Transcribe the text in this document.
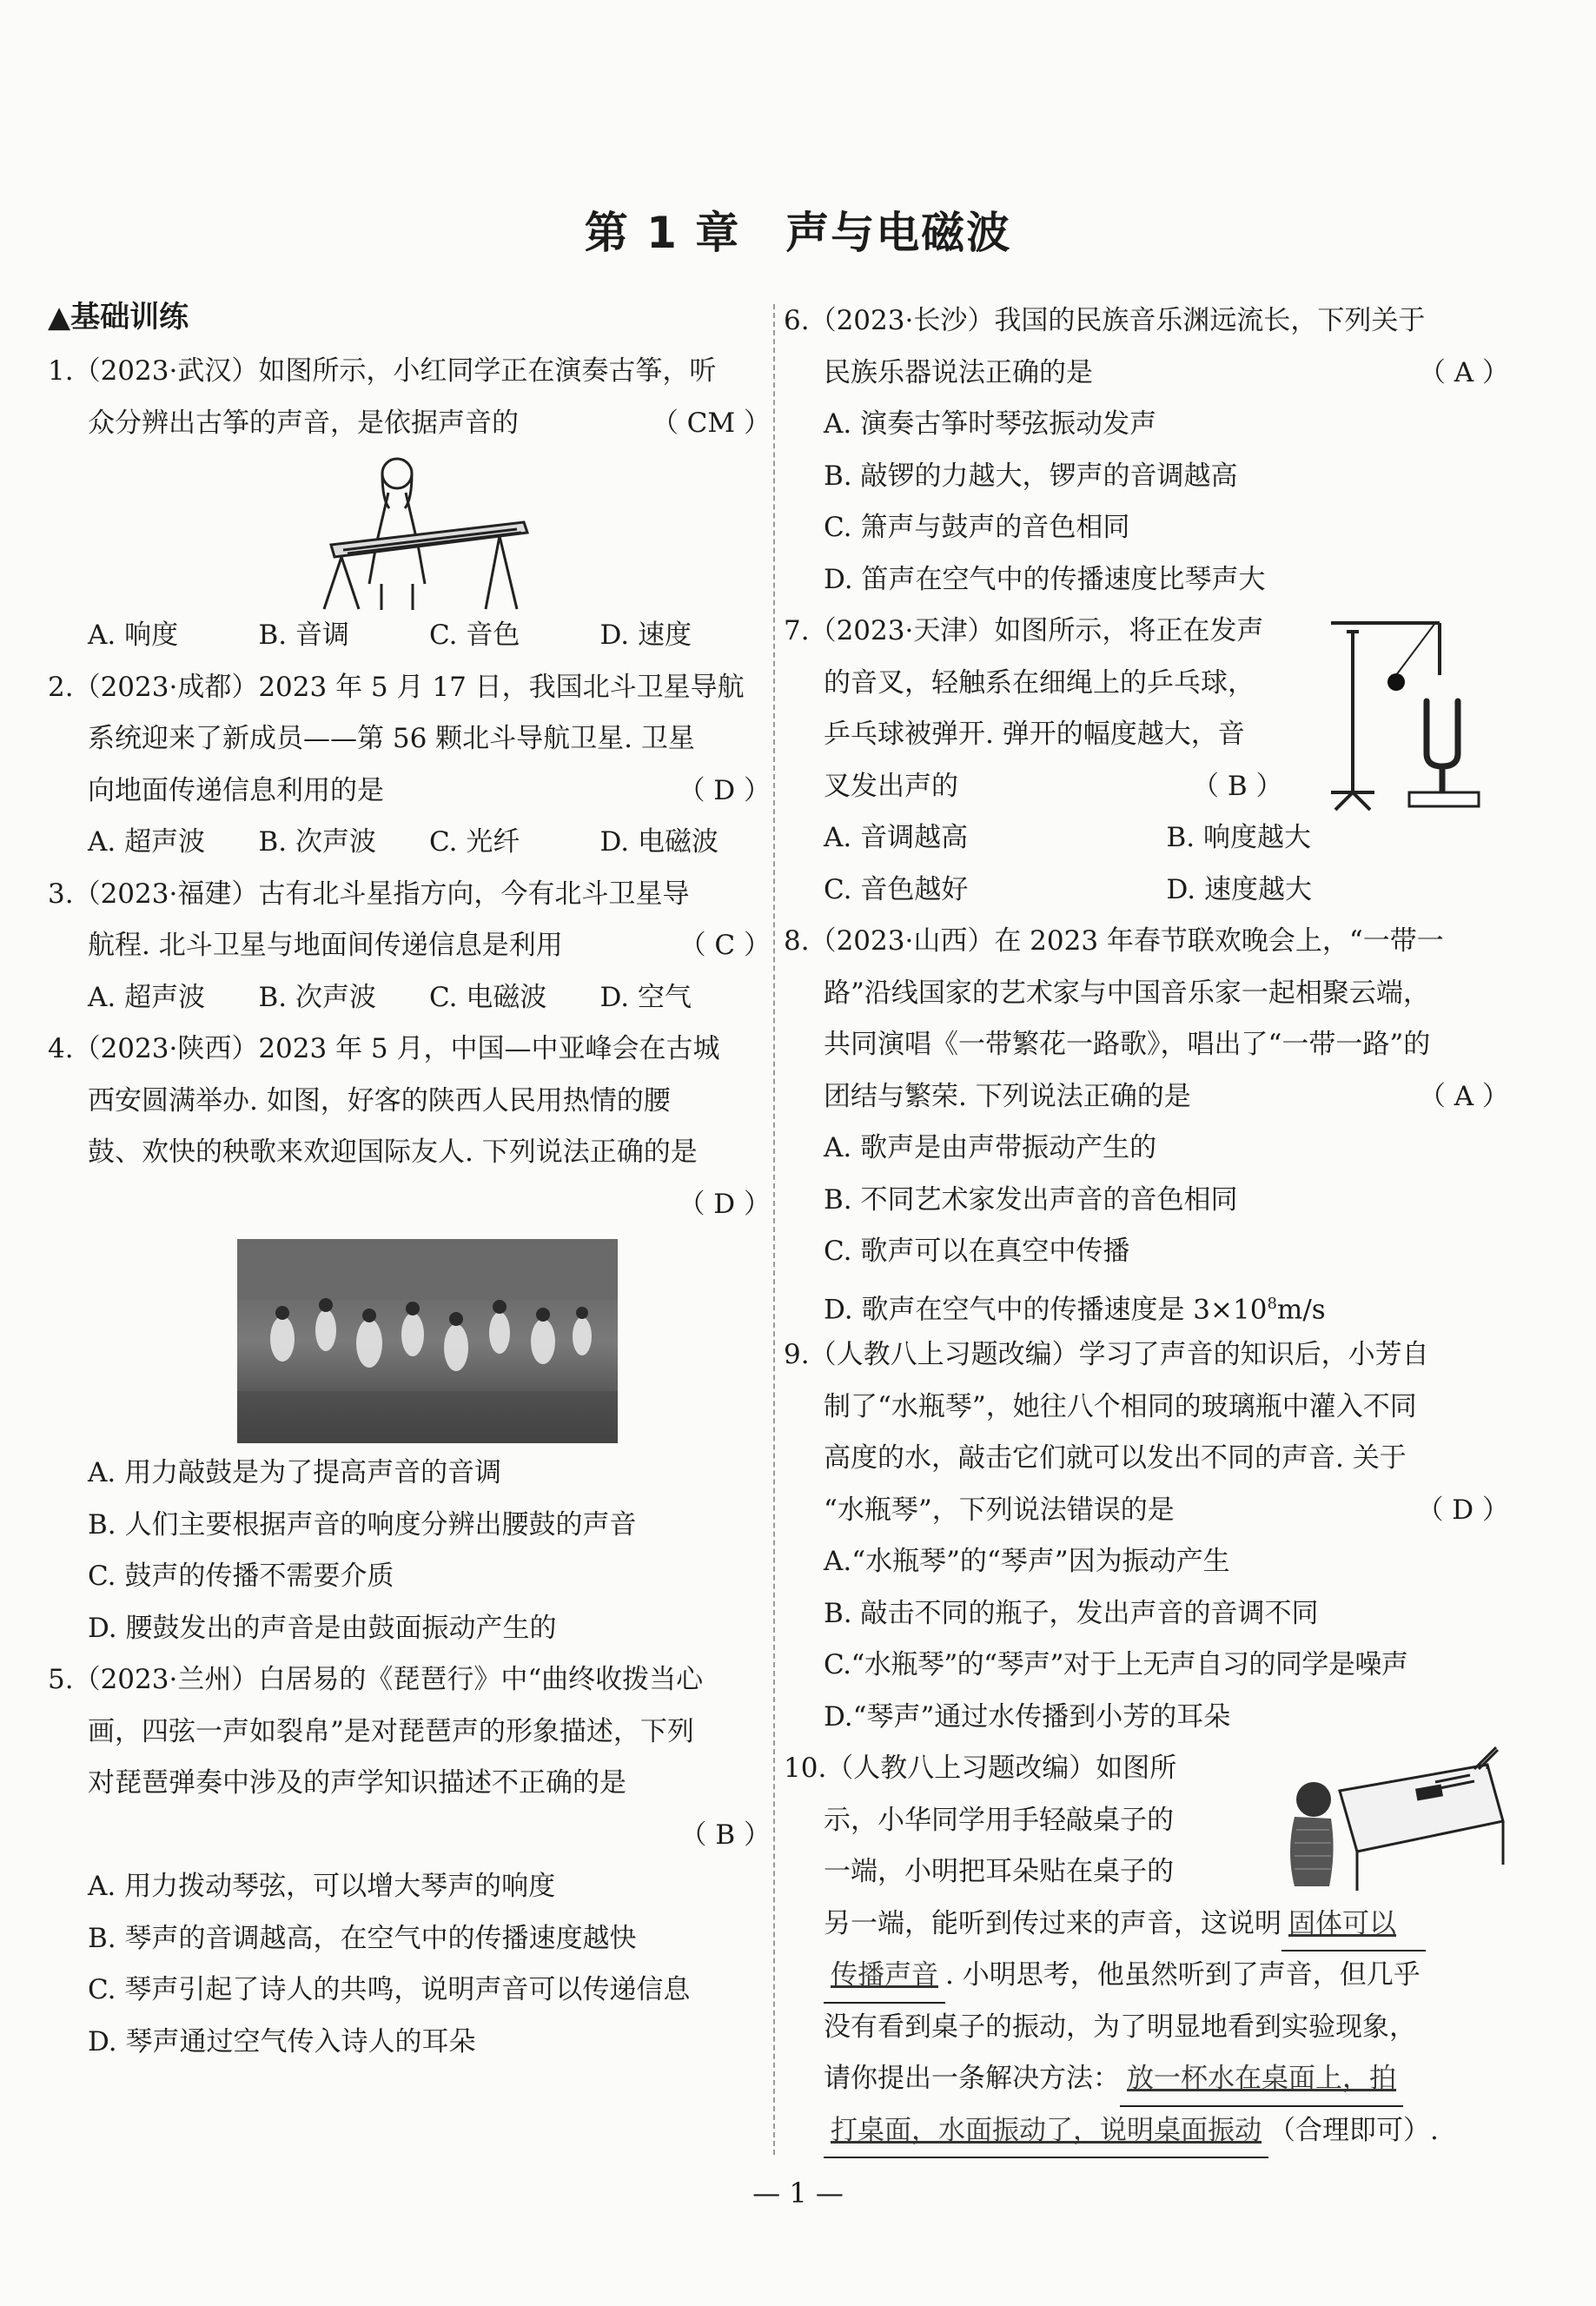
第 1 章　声与电磁波
▲基础训练
1.（2023·武汉）如图所示，小红同学正在演奏古筝，听
众分辨出古筝的声音，是依据声音的	（ CM ）
A. 响度	B. 音调	C. 音色	D. 速度
2.（2023·成都）2023 年 5 月 17 日，我国北斗卫星导航
系统迎来了新成员——第 56 颗北斗导航卫星. 卫星
向地面传递信息利用的是	（ D ）
A. 超声波	B. 次声波	C. 光纤	D. 电磁波
3.（2023·福建）古有北斗星指方向，今有北斗卫星导
航程. 北斗卫星与地面间传递信息是利用	（ C ）
A. 超声波	B. 次声波	C. 电磁波	D. 空气
4.（2023·陕西）2023 年 5 月，中国—中亚峰会在古城
西安圆满举办. 如图，好客的陕西人民用热情的腰
鼓、欢快的秧歌来欢迎国际友人. 下列说法正确的是
（ D ）
A. 用力敲鼓是为了提高声音的音调
B. 人们主要根据声音的响度分辨出腰鼓的声音
C. 鼓声的传播不需要介质
D. 腰鼓发出的声音是由鼓面振动产生的
5.（2023·兰州）白居易的《琵琶行》中“曲终收拨当心
画，四弦一声如裂帛”是对琵琶声的形象描述，下列
对琵琶弹奏中涉及的声学知识描述不正确的是
（ B ）
A. 用力拨动琴弦，可以增大琴声的响度
B. 琴声的音调越高，在空气中的传播速度越快
C. 琴声引起了诗人的共鸣，说明声音可以传递信息
D. 琴声通过空气传入诗人的耳朵
6.（2023·长沙）我国的民族音乐渊远流长，下列关于
民族乐器说法正确的是	（ A ）
A. 演奏古筝时琴弦振动发声
B. 敲锣的力越大，锣声的音调越高
C. 箫声与鼓声的音色相同
D. 笛声在空气中的传播速度比琴声大
7.（2023·天津）如图所示，将正在发声
的音叉，轻触系在细绳上的乒乓球，
乒乓球被弹开. 弹开的幅度越大，音
叉发出声的	（ B ）
A. 音调越高	B. 响度越大
C. 音色越好	D. 速度越大
8.（2023·山西）在 2023 年春节联欢晚会上，“一带一
路”沿线国家的艺术家与中国音乐家一起相聚云端，
共同演唱《一带繁花一路歌》，唱出了“一带一路”的
团结与繁荣. 下列说法正确的是	（ A ）
A. 歌声是由声带振动产生的
B. 不同艺术家发出声音的音色相同
C. 歌声可以在真空中传播
D. 歌声在空气中的传播速度是 $3\times 10^8m/s$
9.（人教八上习题改编）学习了声音的知识后，小芳自
制了“水瓶琴”，她往八个相同的玻璃瓶中灌入不同
高度的水，敲击它们就可以发出不同的声音. 关于
“水瓶琴”，下列说法错误的是	（ D ）
A.“水瓶琴”的“琴声”因为振动产生
B. 敲击不同的瓶子，发出声音的音调不同
C.“水瓶琴”的“琴声”对于上无声自习的同学是噪声
D.“琴声”通过水传播到小芳的耳朵
10.（人教八上习题改编）如图所
示，小华同学用手轻敲桌子的
一端，小明把耳朵贴在桌子的
另一端，能听到传过来的声音，这说明 固体可以
传播声音 . 小明思考，他虽然听到了声音，但几乎
没有看到桌子的振动，为了明显地看到实验现象，
请你提出一条解决方法： 放一杯水在桌面上，拍
打桌面，水面振动了，说明桌面振动 （合理即可）.
— 1 —
